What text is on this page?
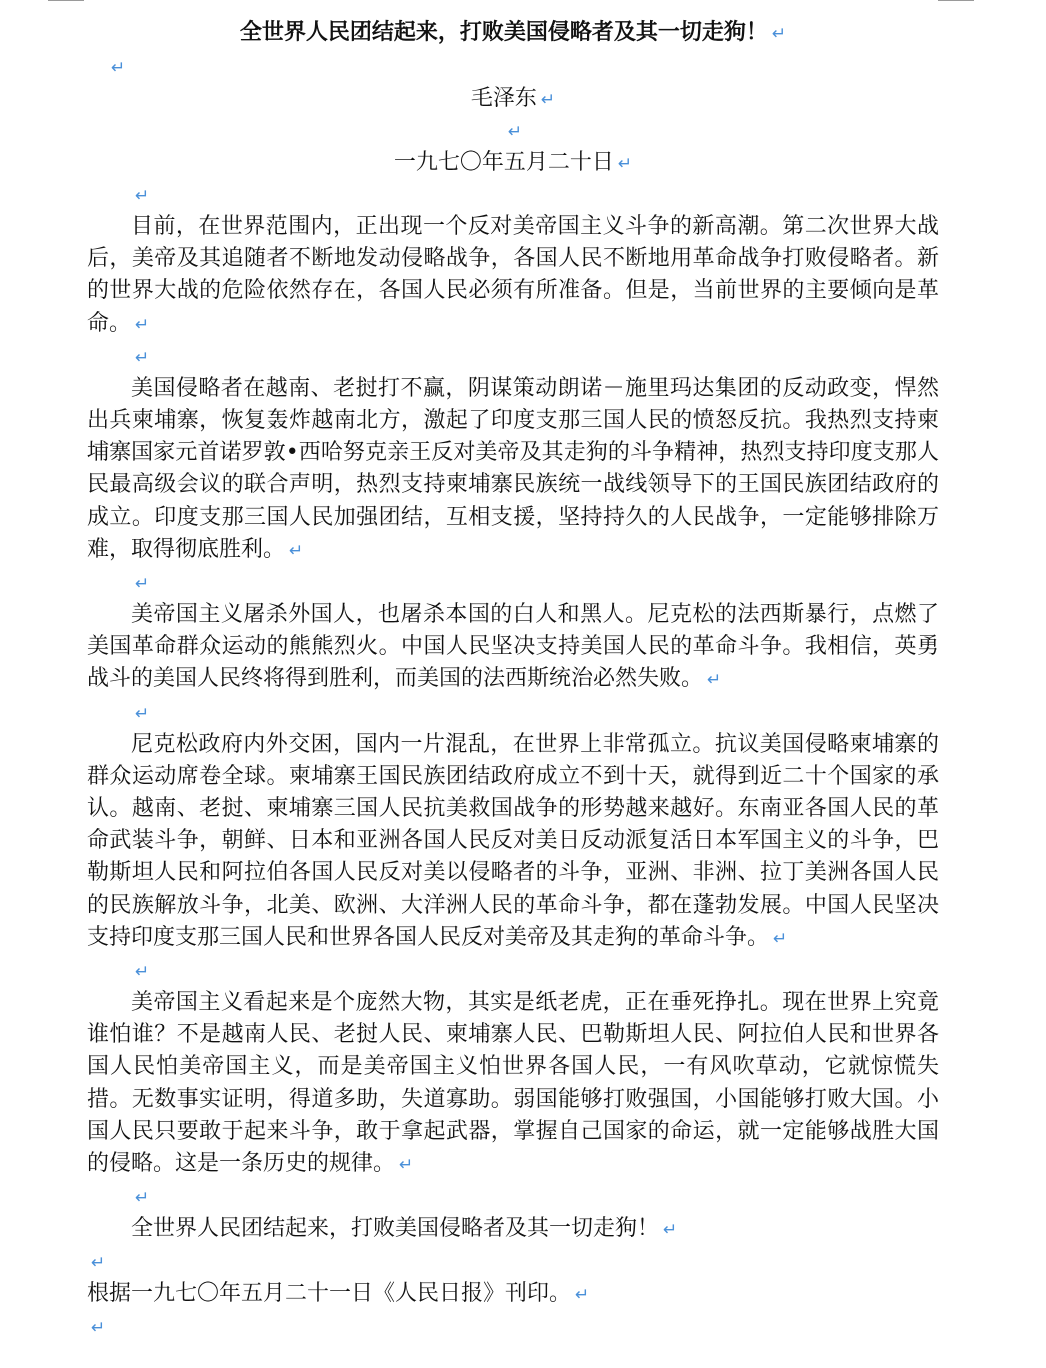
全世界人民团结起来，打败美国侵略者及其一切走狗！ ↵
↵
毛泽东 ↵
↵
一九七〇年五月二十日 ↵
↵

目前，在世界范围内，正出现一个反对美帝国主义斗争的新高潮。第二次世界大战后，美帝及其追随者不断地发动侵略战争，各国人民不断地用革命战争打败侵略者。新的世界大战的危险依然存在，各国人民必须有所准备。但是，当前世界的主要倾向是革命。 ↵

↵

美国侵略者在越南、老挝打不赢，阴谋策动朗诺－施里玛达集团的反动政变，悍然出兵柬埔寨，恢复轰炸越南北方，激起了印度支那三国人民的愤怒反抗。我热烈支持柬埔寨国家元首诺罗敦•西哈努克亲王反对美帝及其走狗的斗争精神，热烈支持印度支那人民最高级会议的联合声明，热烈支持柬埔寨民族统一战线领导下的王国民族团结政府的成立。印度支那三国人民加强团结，互相支援，坚持持久的人民战争，一定能够排除万难，取得彻底胜利。 ↵

↵

美帝国主义屠杀外国人，也屠杀本国的白人和黑人。尼克松的法西斯暴行，点燃了美国革命群众运动的熊熊烈火。中国人民坚决支持美国人民的革命斗争。我相信，英勇战斗的美国人民终将得到胜利，而美国的法西斯统治必然失败。 ↵

↵

尼克松政府内外交困，国内一片混乱，在世界上非常孤立。抗议美国侵略柬埔寨的群众运动席卷全球。柬埔寨王国民族团结政府成立不到十天，就得到近二十个国家的承认。越南、老挝、柬埔寨三国人民抗美救国战争的形势越来越好。东南亚各国人民的革命武装斗争，朝鲜、日本和亚洲各国人民反对美日反动派复活日本军国主义的斗争，巴勒斯坦人民和阿拉伯各国人民反对美以侵略者的斗争，亚洲、非洲、拉丁美洲各国人民的民族解放斗争，北美、欧洲、大洋洲人民的革命斗争，都在蓬勃发展。中国人民坚决支持印度支那三国人民和世界各国人民反对美帝及其走狗的革命斗争。 ↵

↵

美帝国主义看起来是个庞然大物，其实是纸老虎，正在垂死挣扎。现在世界上究竟谁怕谁？不是越南人民、老挝人民、柬埔寨人民、巴勒斯坦人民、阿拉伯人民和世界各国人民怕美帝国主义，而是美帝国主义怕世界各国人民，一有风吹草动，它就惊慌失措。无数事实证明，得道多助，失道寡助。弱国能够打败强国，小国能够打败大国。小国人民只要敢于起来斗争，敢于拿起武器，掌握自己国家的命运，就一定能够战胜大国的侵略。这是一条历史的规律。 ↵

↵

全世界人民团结起来，打败美国侵略者及其一切走狗！ ↵

↵

根据一九七〇年五月二十一日《人民日报》刊印。 ↵

↵
